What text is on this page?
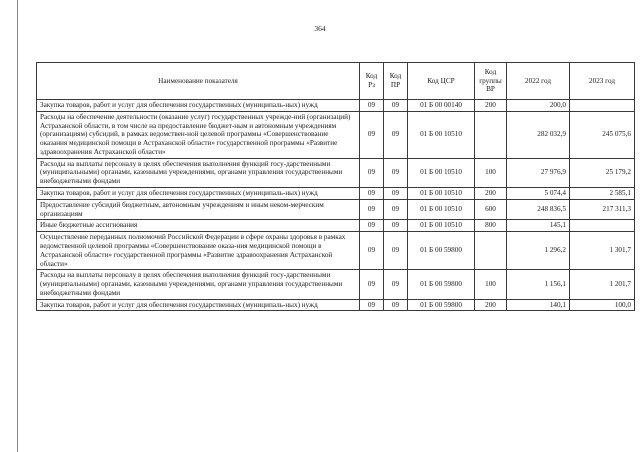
364
Наименование показателя	Код Рз	Код ПР	Код ЦСР	Код группы ВР	2022 год	2023 год
Закупка товаров, работ и услуг для обеспечения государственных (муниципаль-ных) нужд	09	09	01 Б 00 00140	200	200,0	
Расходы на обеспечение деятельности (оказание услуг) государственных учрежде-ний (организаций) Астраханской области, в том числе на предоставление бюджет-ным и автономным учреждениям (организациям) субсидий, в рамках ведомствен-ной целевой программы «Совершенствование оказания медицинской помощи в Астраханской области» государственной программы «Развитие здравоохранения Астраханской области»	09	09	01 Б 00 10510		282 032,9	245 075,6
Расходы на выплаты персоналу в целях обеспечения выполнения функций госу-дарственными (муниципальными) органами, казенными учреждениями, органами управления государственными внебюджетными фондами	09	09	01 Б 00 10510	100	27 976,9	25 179,2
Закупка товаров, работ и услуг для обеспечения государственных (муниципаль-ных) нужд	09	09	01 Б 00 10510	200	5 074,4	2 585,1
Предоставление субсидий бюджетным, автономным учреждениям и иным неком-мерческим организациям	09	09	01 Б 00 10510	600	248 836,5	217 311,3
Иные бюджетные ассигнования	09	09	01 Б 00 10510	800	145,1	
Осуществление переданных полномочий Российской Федерации в сфере охраны здоровья в рамках ведомственной целевой программы «Совершенствование оказа-ния медицинской помощи в Астраханской области» государственной программы «Развитие здравоохранения Астраханской области»	09	09	01 Б 00 59800		1 296,2	1 301,7
Расходы на выплаты персоналу в целях обеспечения выполнения функций госу-дарственными (муниципальными) органами, казенными учреждениями, органами управления государственными внебюджетными фондами	09	09	01 Б 00 59800	100	1 156,1	1 201,7
Закупка товаров, работ и услуг для обеспечения государственных (муниципаль-ных) нужд	09	09	01 Б 00 59800	200	140,1	100,0
